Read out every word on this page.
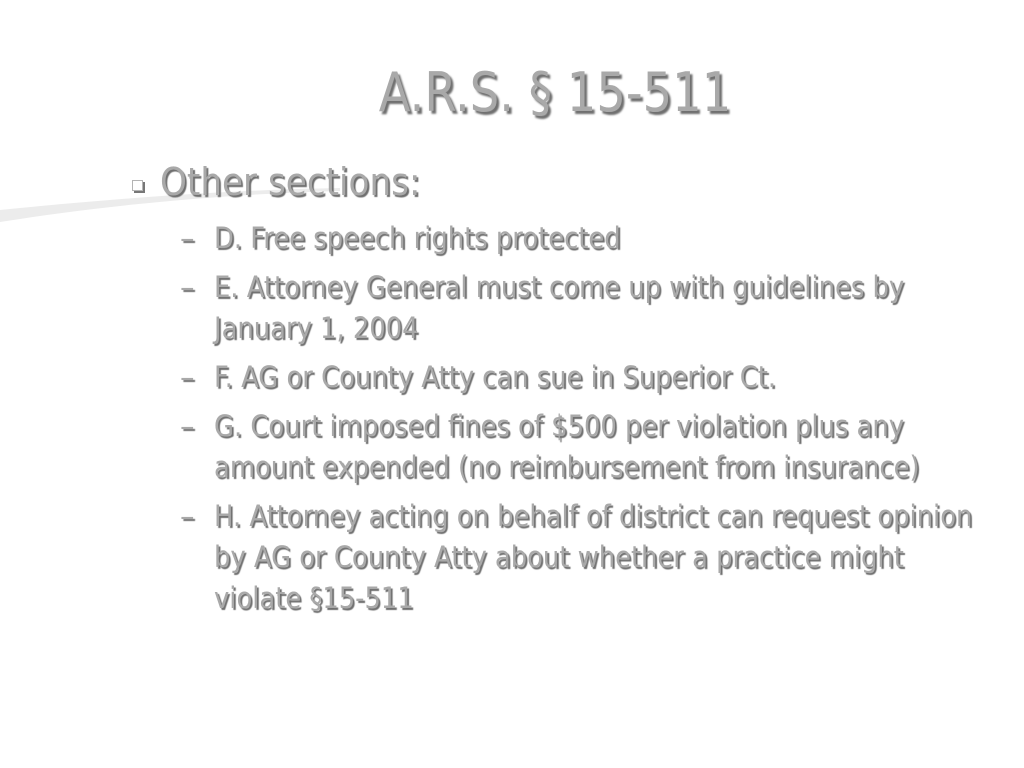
A.R.S. § 15-511
Other sections:
– D. Free speech rights protected
– E. Attorney General must come up with guidelines by January 1, 2004
– F. AG or County Atty can sue in Superior Ct.
– G. Court imposed fines of $500 per violation plus any amount expended (no reimbursement from insurance)
– H. Attorney acting on behalf of district can request opinion by AG or County Atty about whether a practice might violate §15-511
